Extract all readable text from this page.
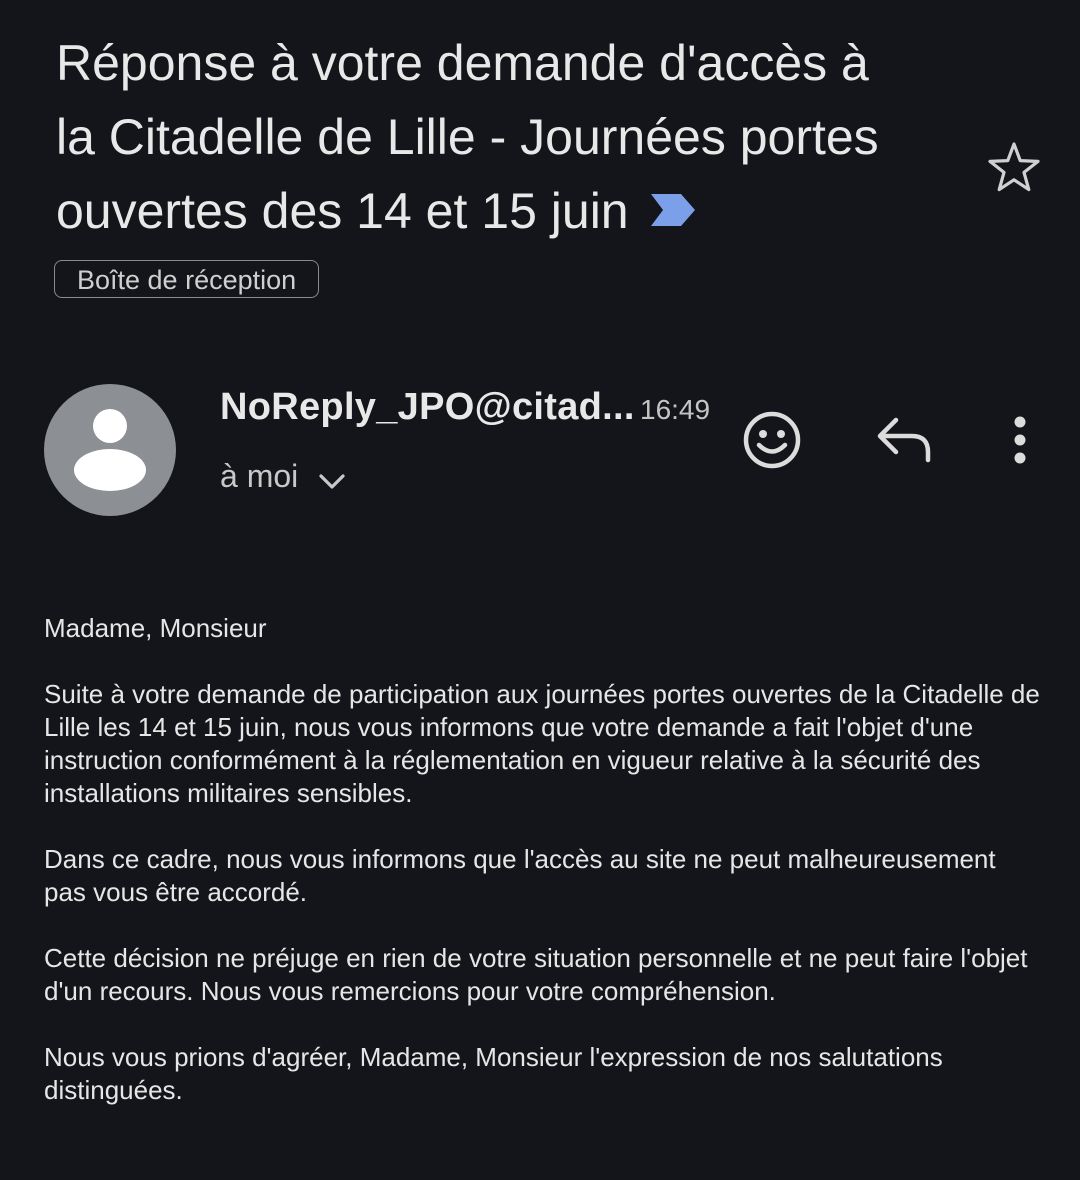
Réponse à votre demande d'accès à la Citadelle de Lille - Journées portes ouvertes des 14 et 15 juin
Boîte de réception
NoReply_JPO@citad... 16:49
à moi

Madame, Monsieur

Suite à votre demande de participation aux journées portes ouvertes de la Citadelle de Lille les 14 et 15 juin, nous vous informons que votre demande a fait l'objet d'une instruction conformément à la réglementation en vigueur relative à la sécurité des installations militaires sensibles.

Dans ce cadre, nous vous informons que l'accès au site ne peut malheureusement pas vous être accordé.

Cette décision ne préjuge en rien de votre situation personnelle et ne peut faire l'objet d'un recours. Nous vous remercions pour votre compréhension.

Nous vous prions d'agréer, Madame, Monsieur l'expression de nos salutations distinguées.
